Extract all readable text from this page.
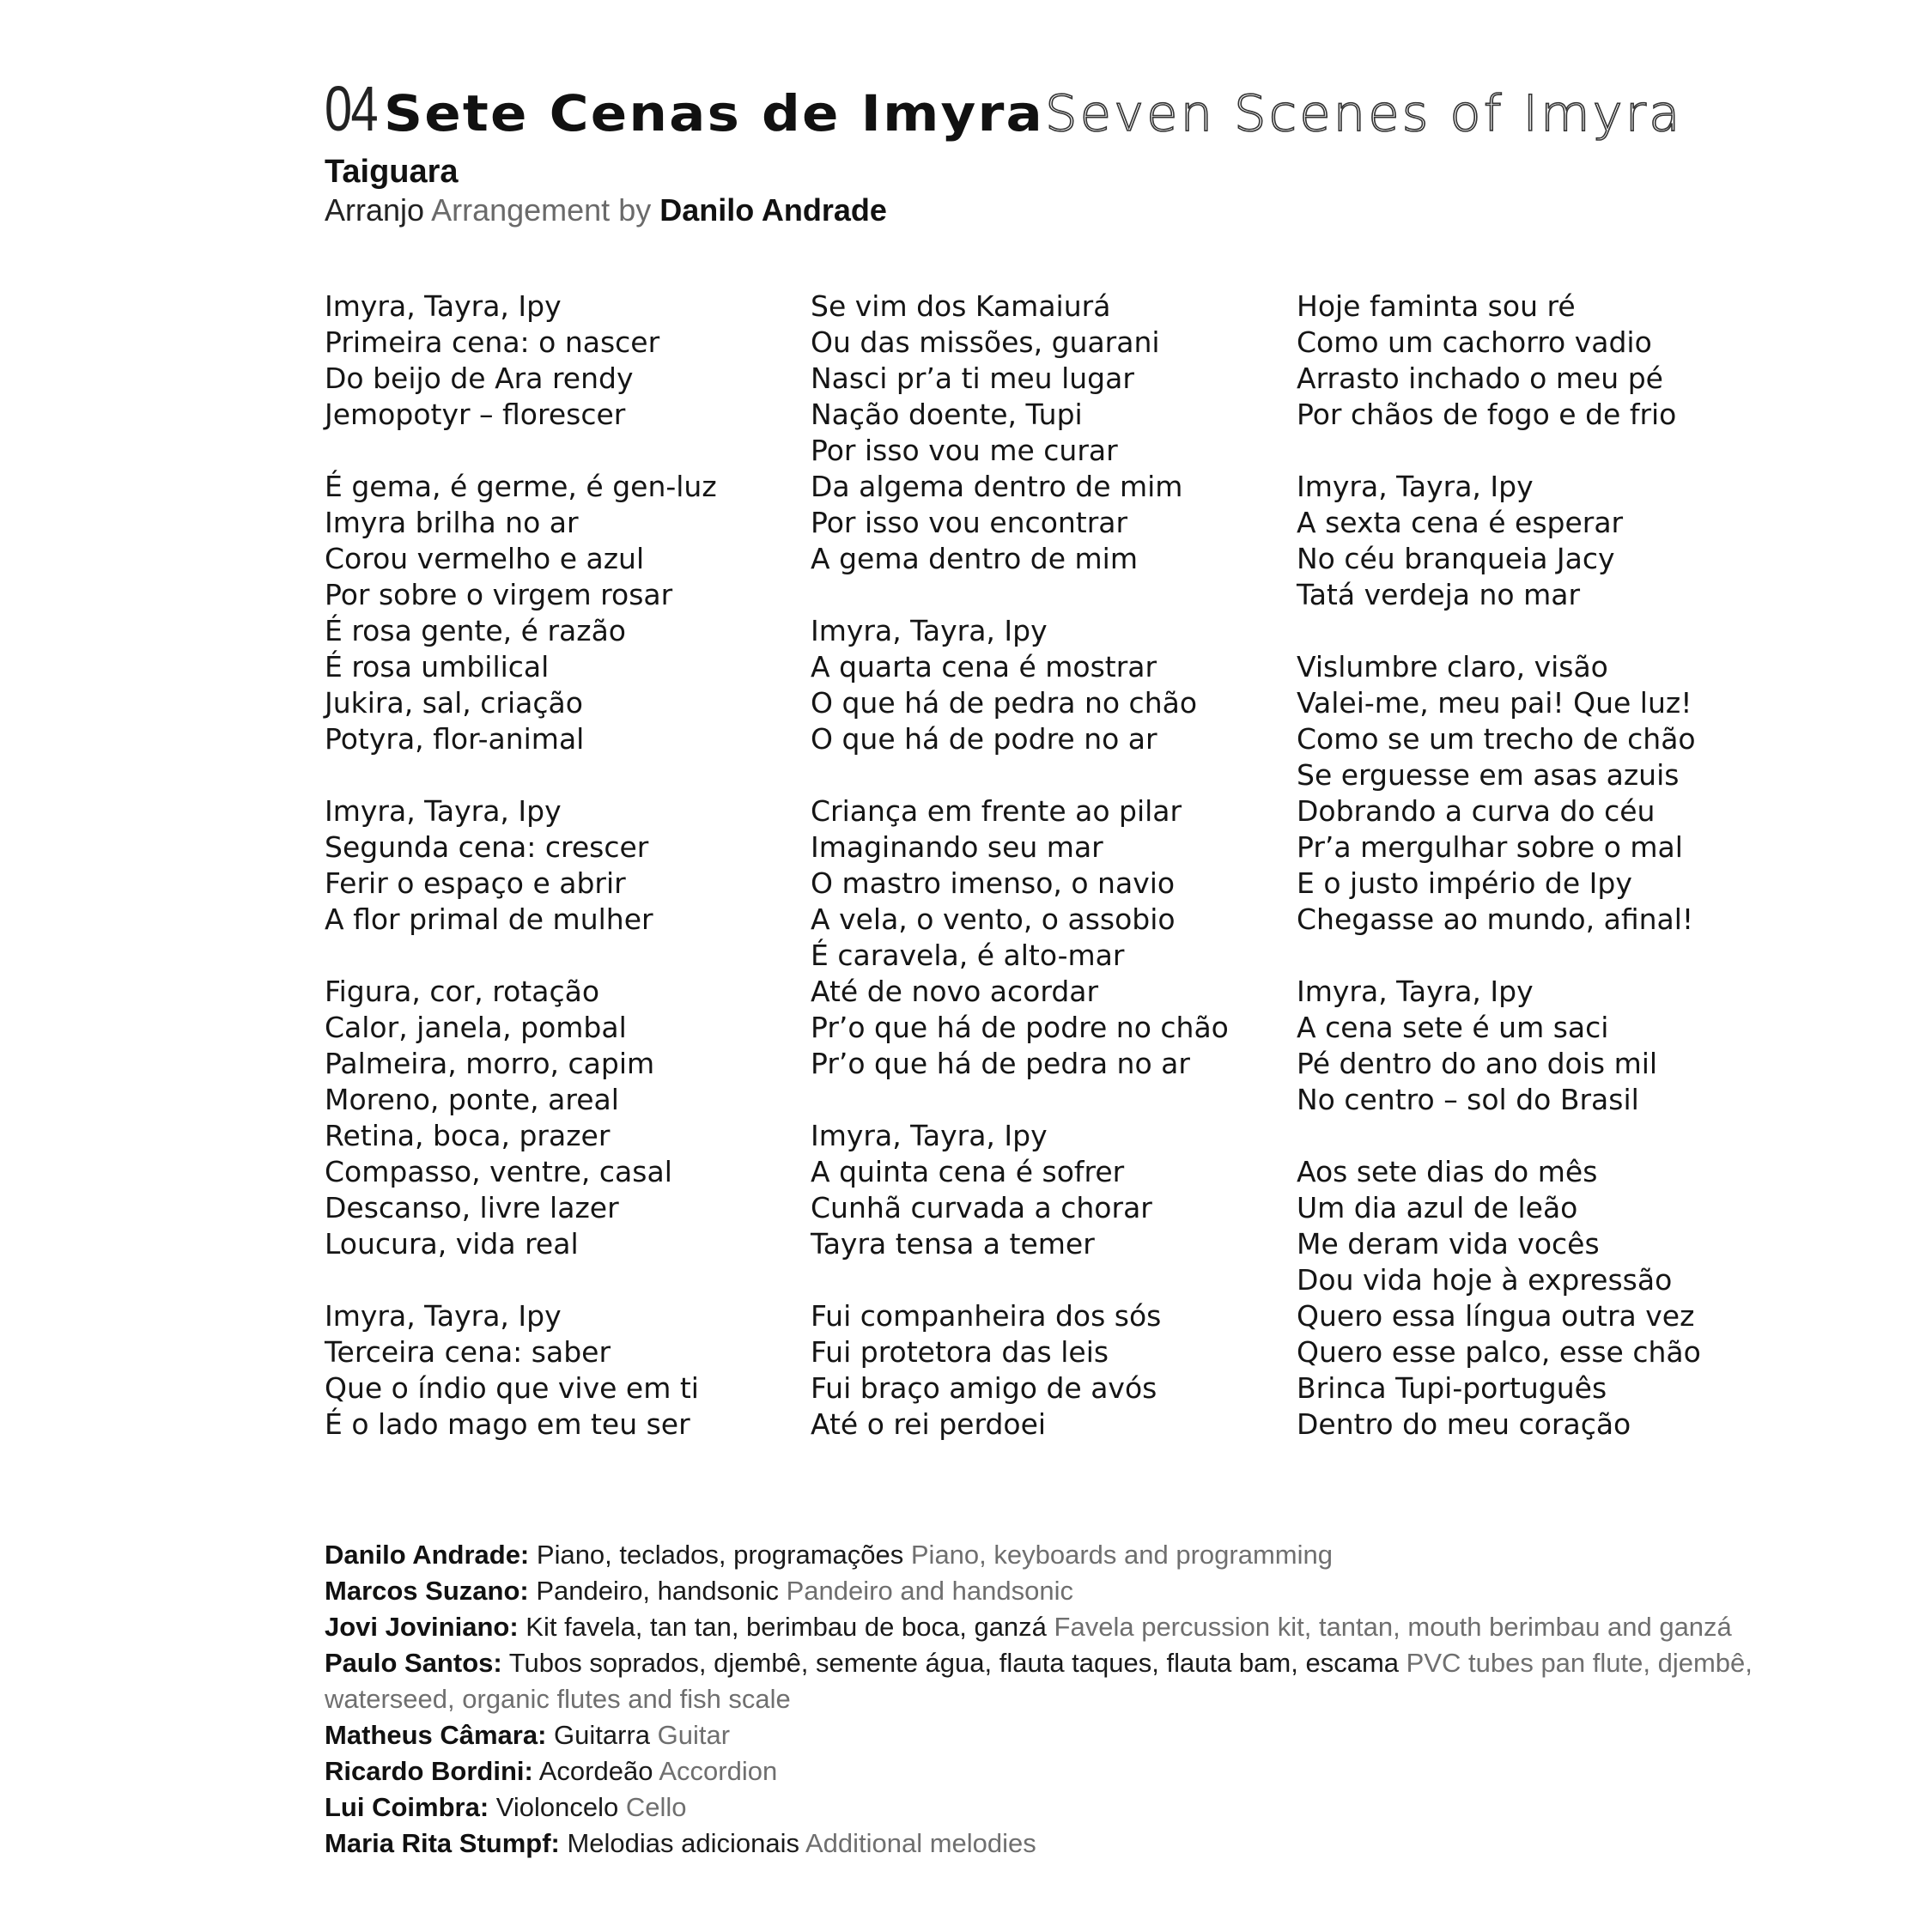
04 Sete Cenas de Imyra Seven Scenes of Imyra
Taiguara
Arranjo Arrangement by Danilo Andrade
Imyra, Tayra, Ipy
Primeira cena: o nascer
Do beijo de Ara rendy
Jemopotyr – florescer
É gema, é germe, é gen-luz
Imyra brilha no ar
Corou vermelho e azul
Por sobre o virgem rosar
É rosa gente, é razão
É rosa umbilical
Jukira, sal, criação
Potyra, flor-animal
Imyra, Tayra, Ipy
Segunda cena: crescer
Ferir o espaço e abrir
A flor primal de mulher
Figura, cor, rotação
Calor, janela, pombal
Palmeira, morro, capim
Moreno, ponte, areal
Retina, boca, prazer
Compasso, ventre, casal
Descanso, livre lazer
Loucura, vida real
Imyra, Tayra, Ipy
Terceira cena: saber
Que o índio que vive em ti
É o lado mago em teu ser
Se vim dos Kamaiurá
Ou das missões, guarani
Nasci pr’a ti meu lugar
Nação doente, Tupi
Por isso vou me curar
Da algema dentro de mim
Por isso vou encontrar
A gema dentro de mim
Imyra, Tayra, Ipy
A quarta cena é mostrar
O que há de pedra no chão
O que há de podre no ar
Criança em frente ao pilar
Imaginando seu mar
O mastro imenso, o navio
A vela, o vento, o assobio
É caravela, é alto-mar
Até de novo acordar
Pr’o que há de podre no chão
Pr’o que há de pedra no ar
Imyra, Tayra, Ipy
A quinta cena é sofrer
Cunhã curvada a chorar
Tayra tensa a temer
Fui companheira dos sós
Fui protetora das leis
Fui braço amigo de avós
Até o rei perdoei
Hoje faminta sou ré
Como um cachorro vadio
Arrasto inchado o meu pé
Por chãos de fogo e de frio
Imyra, Tayra, Ipy
A sexta cena é esperar
No céu branqueia Jacy
Tatá verdeja no mar
Vislumbre claro, visão
Valei-me, meu pai! Que luz!
Como se um trecho de chão
Se erguesse em asas azuis
Dobrando a curva do céu
Pr’a mergulhar sobre o mal
E o justo império de Ipy
Chegasse ao mundo, afinal!
Imyra, Tayra, Ipy
A cena sete é um saci
Pé dentro do ano dois mil
No centro – sol do Brasil
Aos sete dias do mês
Um dia azul de leão
Me deram vida vocês
Dou vida hoje à expressão
Quero essa língua outra vez
Quero esse palco, esse chão
Brinca Tupi-português
Dentro do meu coração
Danilo Andrade: Piano, teclados, programações Piano, keyboards and programming
Marcos Suzano: Pandeiro, handsonic Pandeiro and handsonic
Jovi Joviniano: Kit favela, tan tan, berimbau de boca, ganzá Favela percussion kit, tantan, mouth berimbau and ganzá
Paulo Santos: Tubos soprados, djembê, semente água, flauta taques, flauta bam, escama PVC tubes pan flute, djembê, waterseed, organic flutes and fish scale
Matheus Câmara: Guitarra Guitar
Ricardo Bordini: Acordeão Accordion
Lui Coimbra: Violoncelo Cello
Maria Rita Stumpf: Melodias adicionais Additional melodies
